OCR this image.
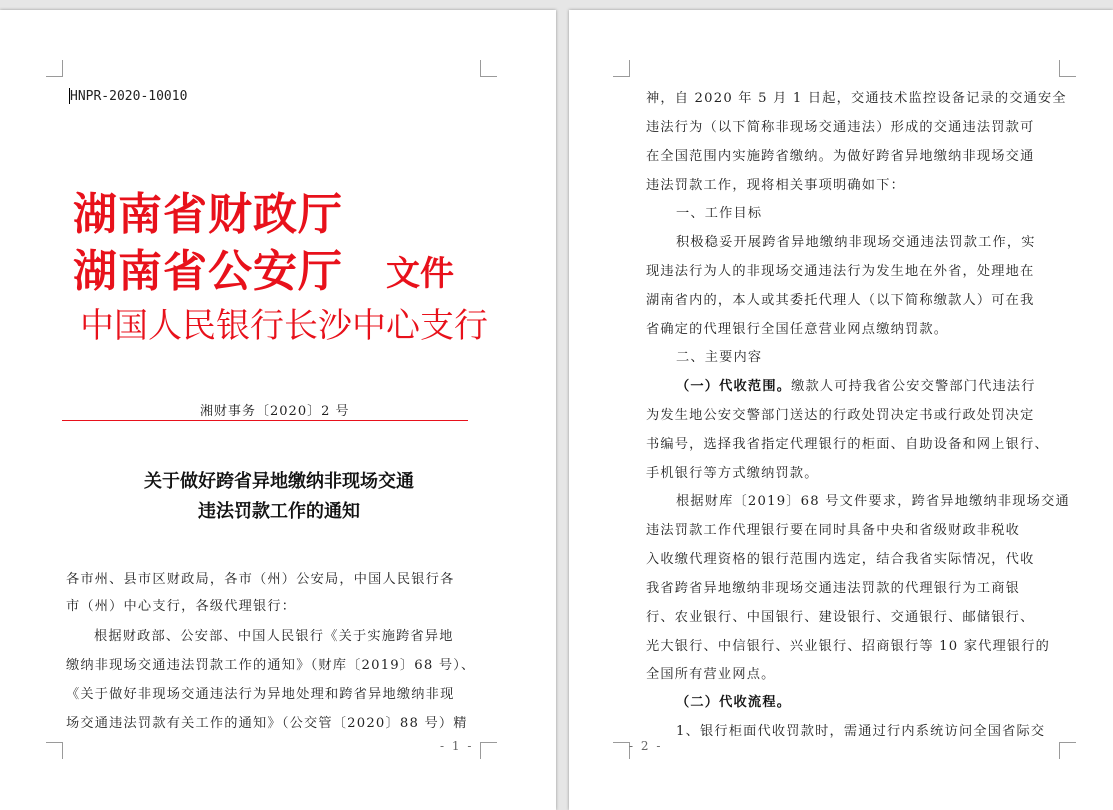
HNPR-2020-10010
湖南省财政厅
湖南省公安厅 文件
中国人民银行长沙中心支行
湘财事务〔2020〕2 号
关于做好跨省异地缴纳非现场交通
违法罚款工作的通知
各市州、县市区财政局，各市（州）公安局，中国人民银行各
市（州）中心支行，各级代理银行：
根据财政部、公安部、中国人民银行《关于实施跨省异地
缴纳非现场交通违法罚款工作的通知》（财库〔2019〕68 号）、
《关于做好非现场交通违法行为异地处理和跨省异地缴纳非现
场交通违法罚款有关工作的通知》（公交管〔2020〕88 号）精
- 1 -
神，自 2020 年 5 月 1 日起，交通技术监控设备记录的交通安全
违法行为（以下简称非现场交通违法）形成的交通违法罚款可
在全国范围内实施跨省缴纳。为做好跨省异地缴纳非现场交通
违法罚款工作，现将相关事项明确如下：
一、工作目标
积极稳妥开展跨省异地缴纳非现场交通违法罚款工作，实
现违法行为人的非现场交通违法行为发生地在外省，处理地在
湖南省内的，本人或其委托代理人（以下简称缴款人）可在我
省确定的代理银行全国任意营业网点缴纳罚款。
二、主要内容
（一）代收范围。缴款人可持我省公安交警部门代违法行
为发生地公安交警部门送达的行政处罚决定书或行政处罚决定
书编号，选择我省指定代理银行的柜面、自助设备和网上银行、
手机银行等方式缴纳罚款。
根据财库〔2019〕68 号文件要求，跨省异地缴纳非现场交通
违法罚款工作代理银行要在同时具备中央和省级财政非税收
入收缴代理资格的银行范围内选定，结合我省实际情况，代收
我省跨省异地缴纳非现场交通违法罚款的代理银行为工商银
行、农业银行、中国银行、建设银行、交通银行、邮储银行、
光大银行、中信银行、兴业银行、招商银行等 10 家代理银行的
全国所有营业网点。
（二）代收流程。
1、银行柜面代收罚款时，需通过行内系统访问全国省际交
- 2 -
